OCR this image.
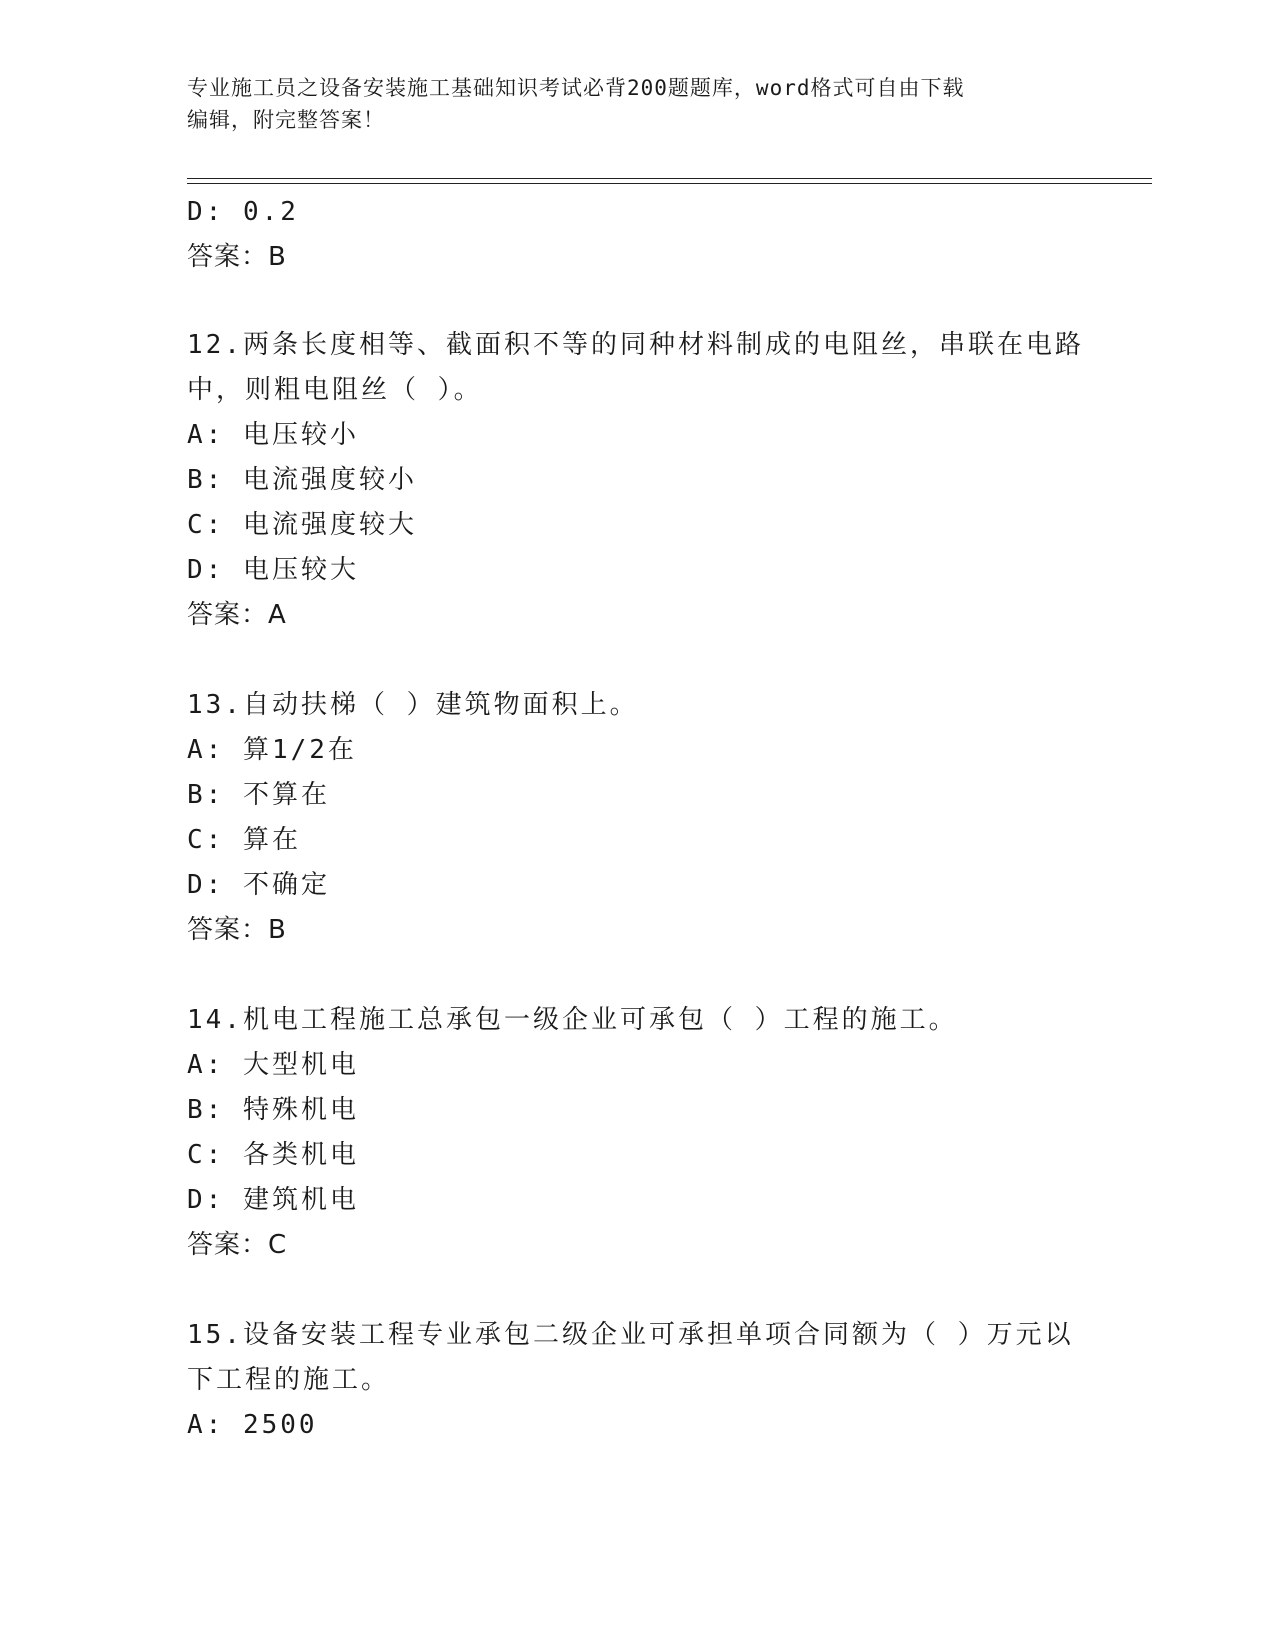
专业施工员之设备安装施工基础知识考试必背200题题库，word格式可自由下载
编辑，附完整答案！
D: 0.2
答案：B
12.两条长度相等、截面积不等的同种材料制成的电阻丝，串联在电路
中，则粗电阻丝（ ）。
A: 电压较小
B: 电流强度较小
C: 电流强度较大
D: 电压较大
答案：A
13.自动扶梯（ ）建筑物面积上。
A: 算1/2在
B: 不算在
C: 算在
D: 不确定
答案：B
14.机电工程施工总承包一级企业可承包（ ）工程的施工。
A: 大型机电
B: 特殊机电
C: 各类机电
D: 建筑机电
答案：C
15.设备安装工程专业承包二级企业可承担单项合同额为（ ）万元以
下工程的施工。
A: 2500
